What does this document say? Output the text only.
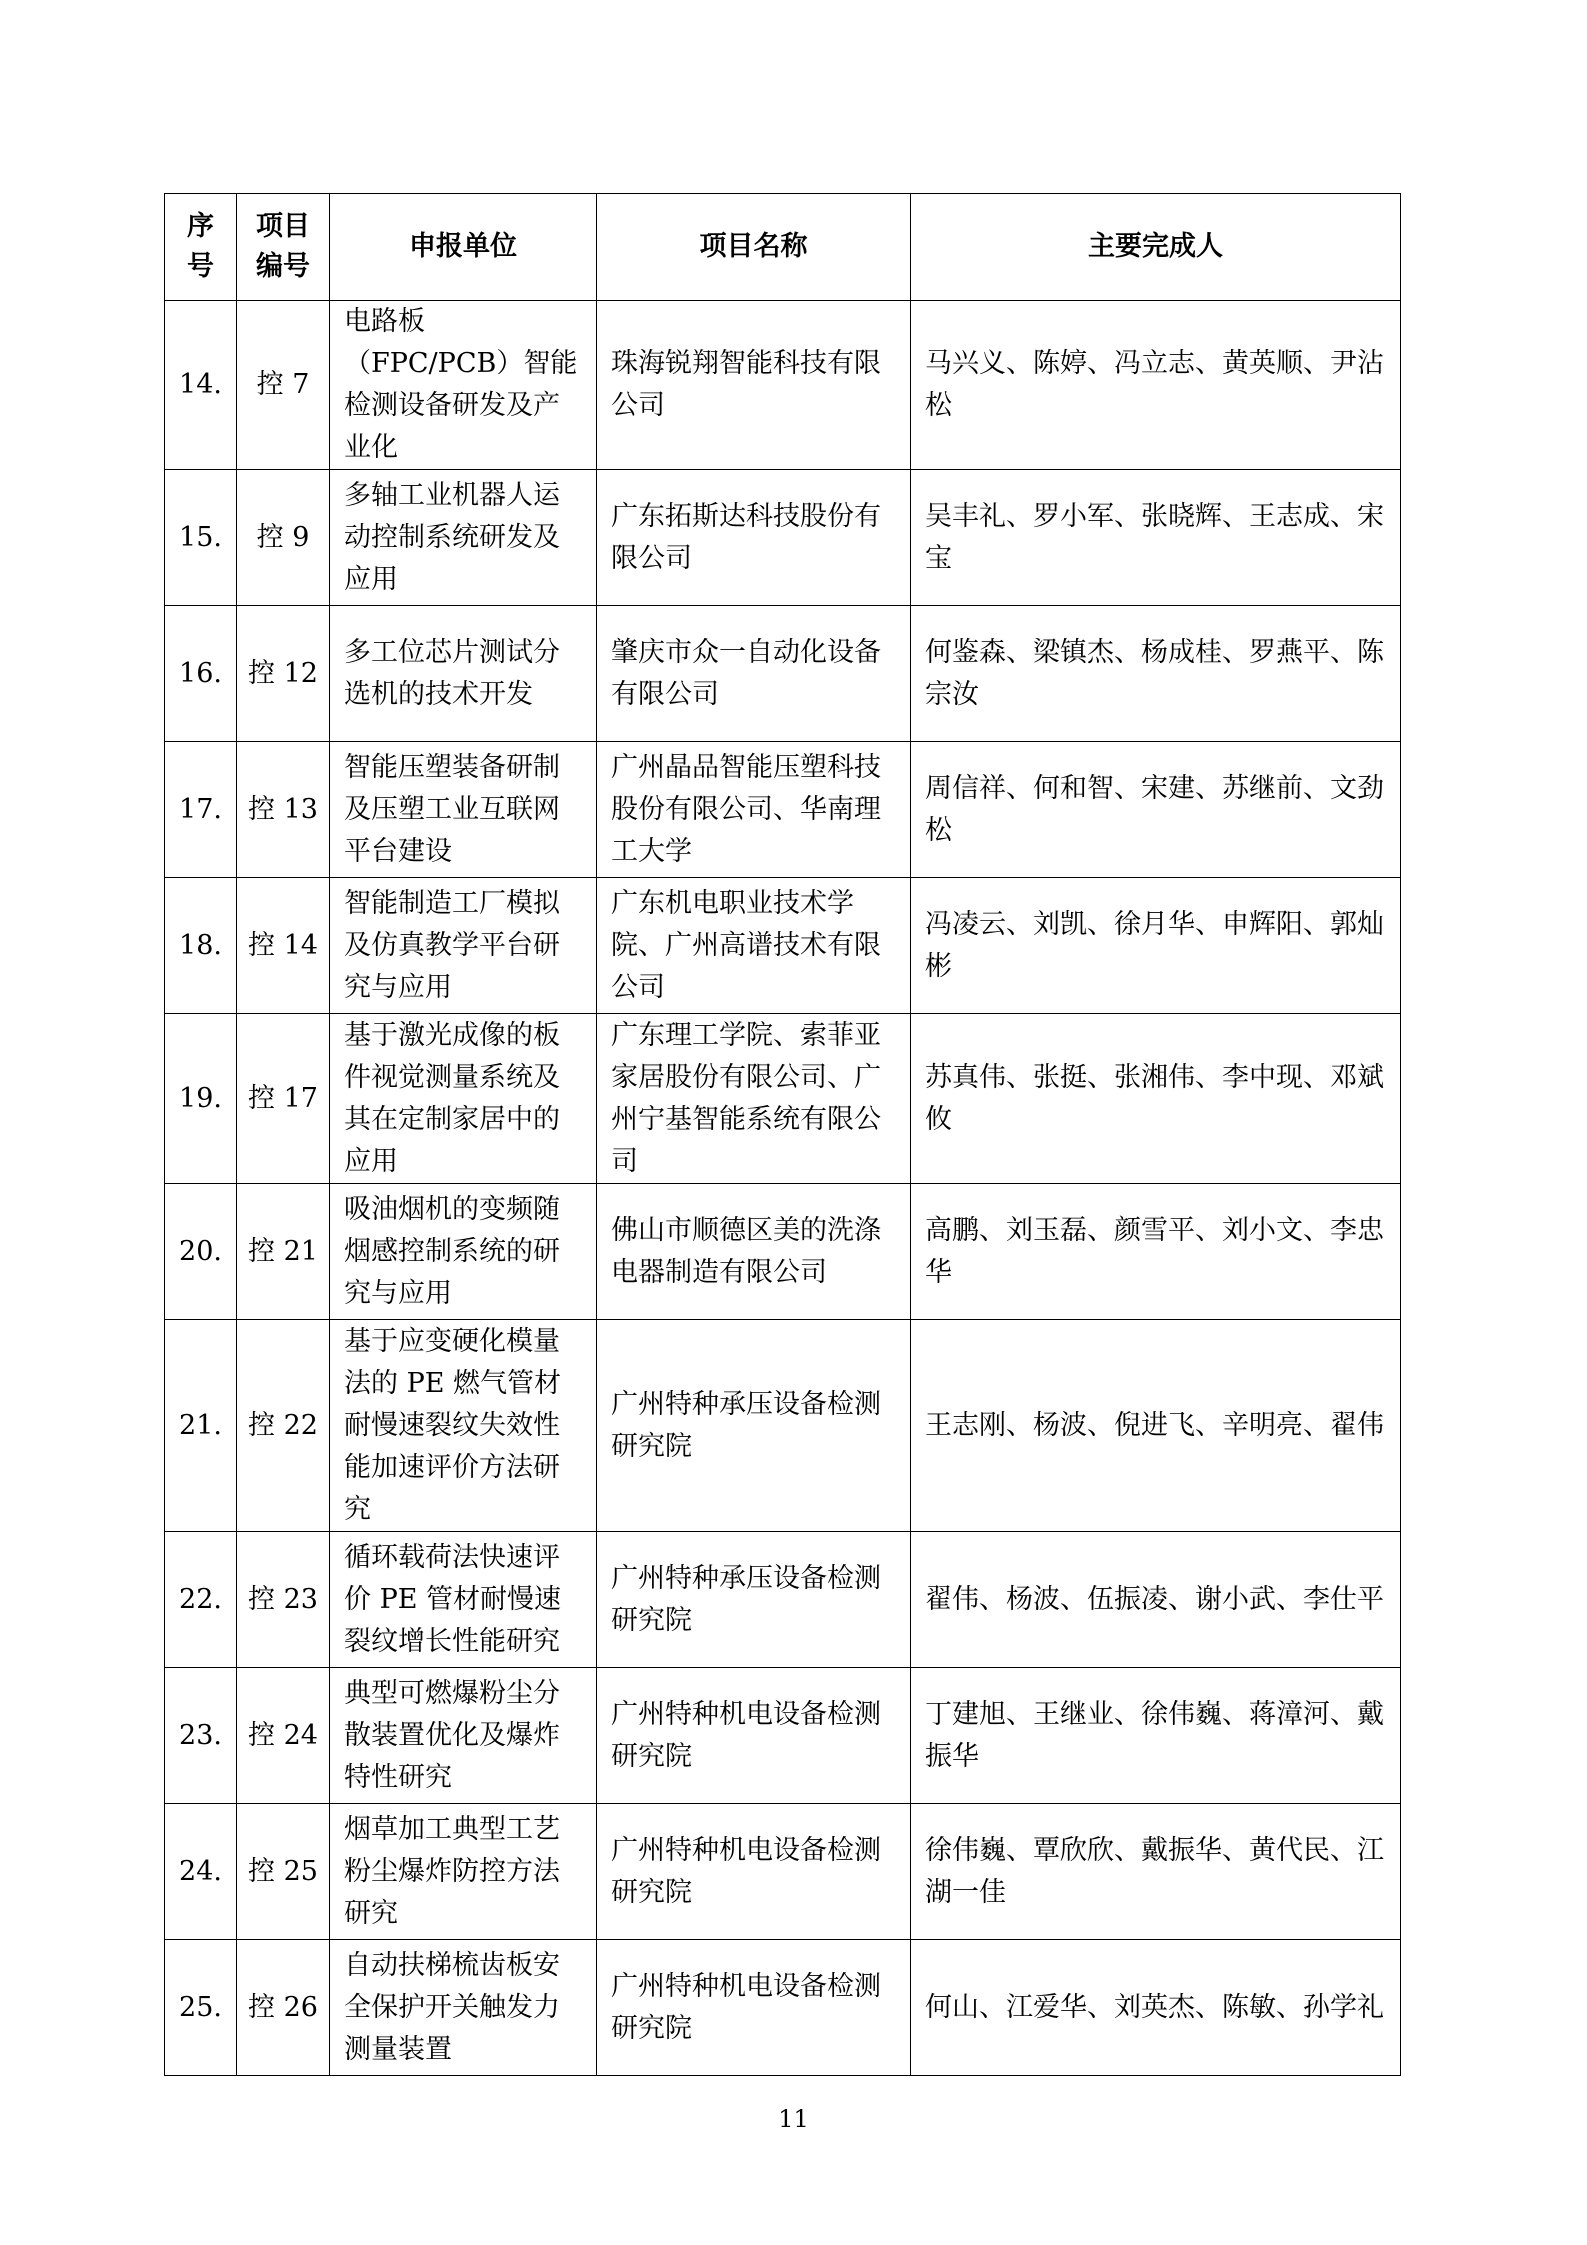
序号	项目编号	申报单位	项目名称	主要完成人
14.	控 7	电路板（FPC/PCB）智能检测设备研发及产业化	珠海锐翔智能科技有限公司	马兴义、陈婷、冯立志、黄英顺、尹沾松
15.	控 9	多轴工业机器人运动控制系统研发及应用	广东拓斯达科技股份有限公司	吴丰礼、罗小军、张晓辉、王志成、宋宝
16.	控 12	多工位芯片测试分选机的技术开发	肇庆市众一自动化设备有限公司	何鉴森、梁镇杰、杨成桂、罗燕平、陈宗汝
17.	控 13	智能压塑装备研制及压塑工业互联网平台建设	广州晶品智能压塑科技股份有限公司、华南理工大学	周信祥、何和智、宋建、苏继前、文劲松
18.	控 14	智能制造工厂模拟及仿真教学平台研究与应用	广东机电职业技术学院、广州高谱技术有限公司	冯凌云、刘凯、徐月华、申辉阳、郭灿彬
19.	控 17	基于激光成像的板件视觉测量系统及其在定制家居中的应用	广东理工学院、索菲亚家居股份有限公司、广州宁基智能系统有限公司	苏真伟、张挺、张湘伟、李中现、邓斌攸
20.	控 21	吸油烟机的变频随烟感控制系统的研究与应用	佛山市顺德区美的洗涤电器制造有限公司	高鹏、刘玉磊、颜雪平、刘小文、李忠华
21.	控 22	基于应变硬化模量法的 PE 燃气管材耐慢速裂纹失效性能加速评价方法研究	广州特种承压设备检测研究院	王志刚、杨波、倪进飞、辛明亮、翟伟
22.	控 23	循环载荷法快速评价 PE 管材耐慢速裂纹增长性能研究	广州特种承压设备检测研究院	翟伟、杨波、伍振凌、谢小武、李仕平
23.	控 24	典型可燃爆粉尘分散装置优化及爆炸特性研究	广州特种机电设备检测研究院	丁建旭、王继业、徐伟巍、蒋漳河、戴振华
24.	控 25	烟草加工典型工艺粉尘爆炸防控方法研究	广州特种机电设备检测研究院	徐伟巍、覃欣欣、戴振华、黄代民、江湖一佳
25.	控 26	自动扶梯梳齿板安全保护开关触发力测量装置	广州特种机电设备检测研究院	何山、江爱华、刘英杰、陈敏、孙学礼
11
